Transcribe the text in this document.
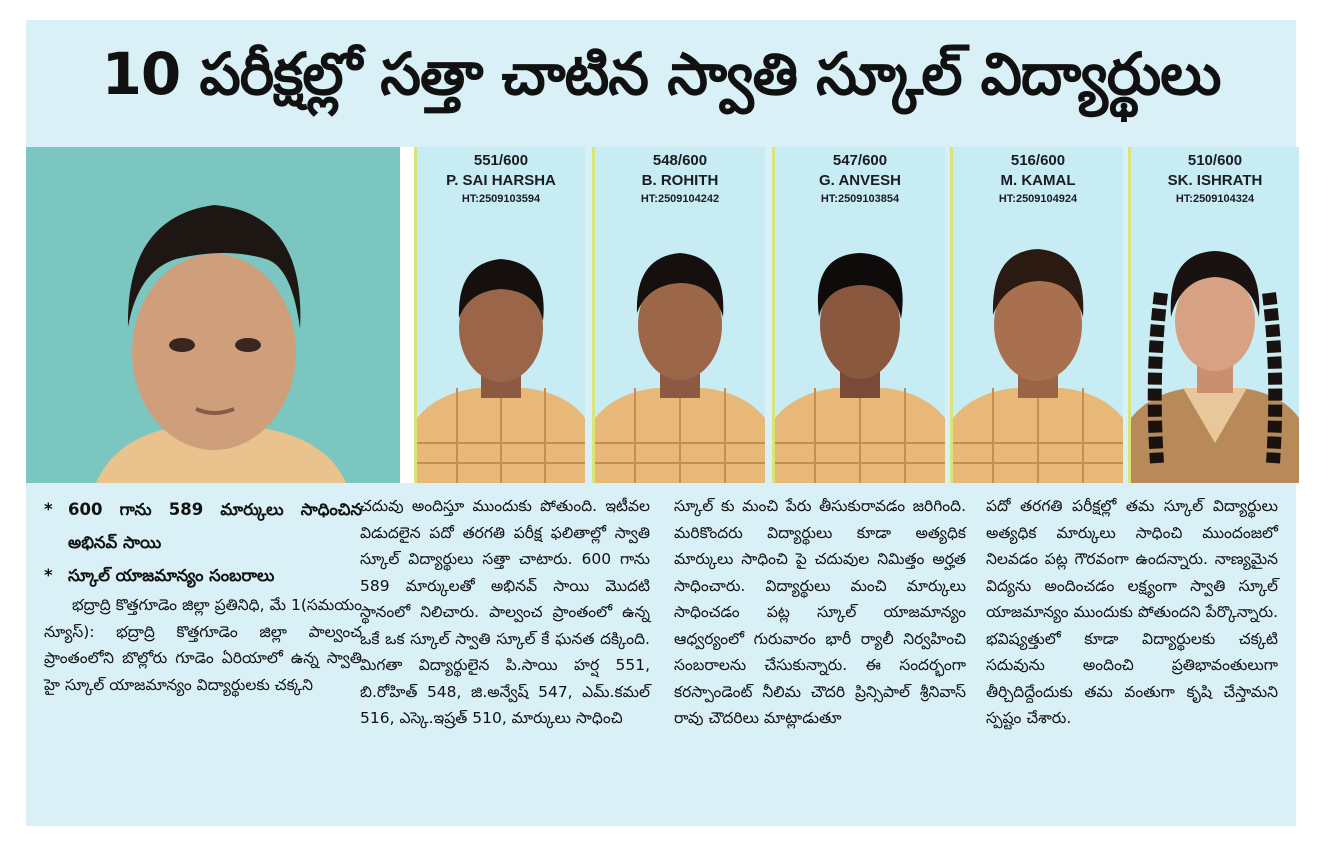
10 పరీక్షల్లో సత్తా చాటిన స్వాతి స్కూల్ విద్యార్థులు
551/600
P. SAI HARSHA
HT:2509103594
548/600
B. ROHITH
HT:2509104242
547/600
G. ANVESH
HT:2509103854
516/600
M. KAMAL
HT:2509104924
510/600
SK. ISHRATH
HT:2509104324
* 600 గాను 589 మార్కులు సాధించిన అభినవ్ సాయి
* స్కూల్ యాజమాన్యం సంబరాలు

భద్రాద్రి కొత్తగూడెం జిల్లా ప్రతినిధి, మే 1(సమయం న్యూస్): భద్రాద్రి కొత్తగూడెం జిల్లా పాల్వంచ ప్రాంతంలోని బొల్లోరు గూడెం ఏరియాలో ఉన్న స్వాతి హై స్కూల్ యాజమాన్యం విద్యార్థులకు చక్కని

చదువు అందిస్తూ ముందుకు పోతుంది. ఇటీవల విడుదలైన పదో తరగతి పరీక్ష ఫలితాల్లో స్వాతి స్కూల్ విద్యార్థులు సత్తా చాటారు. 600 గాను 589 మార్కులతో అభినవ్ సాయి మొదటి స్థానంలో నిలిచారు. పాల్వంచ ప్రాంతంలో ఉన్న ఒకే ఒక స్కూల్ స్వాతి స్కూల్ కే ఘనత దక్కింది. మిగతా విద్యార్థులైన పి.సాయి హర్ష 551, బి.రోహిత్ 548, జి.అన్వేష్ 547, ఎమ్.కమల్ 516, ఎస్కె.ఇష్రత్ 510, మార్కులు సాధించి

స్కూల్ కు మంచి పేరు తీసుకురావడం జరిగింది. మరికొందరు విద్యార్థులు కూడా అత్యధిక మార్కులు సాధించి పై చదువుల నిమిత్తం అర్హత సాధించారు. విద్యార్థులు మంచి మార్కులు సాధించడం పట్ల స్కూల్ యాజమాన్యం ఆధ్వర్యంలో గురువారం భారీ ర్యాలీ నిర్వహించి సంబరాలను చేసుకున్నారు. ఈ సందర్భంగా కరస్పాండెంట్ నీలిమ చౌదరి ప్రిన్సిపాల్ శ్రీనివాస్ రావు చౌదరిలు మాట్లాడుతూ

పదో తరగతి పరీక్షల్లో తమ స్కూల్ విద్యార్థులు అత్యధిక మార్కులు సాధించి ముందంజలో నిలవడం పట్ల గౌరవంగా ఉందన్నారు. నాణ్యమైన విద్యను అందించడం లక్ష్యంగా స్వాతి స్కూల్ యాజమాన్యం ముందుకు పోతుందని పేర్కొన్నారు. భవిష్యత్తులో కూడా విద్యార్థులకు చక్కటి సదువును అందించి ప్రతిభావంతులుగా తీర్చిదిద్దేందుకు తమ వంతుగా కృషి చేస్తామని స్పష్టం చేశారు.
